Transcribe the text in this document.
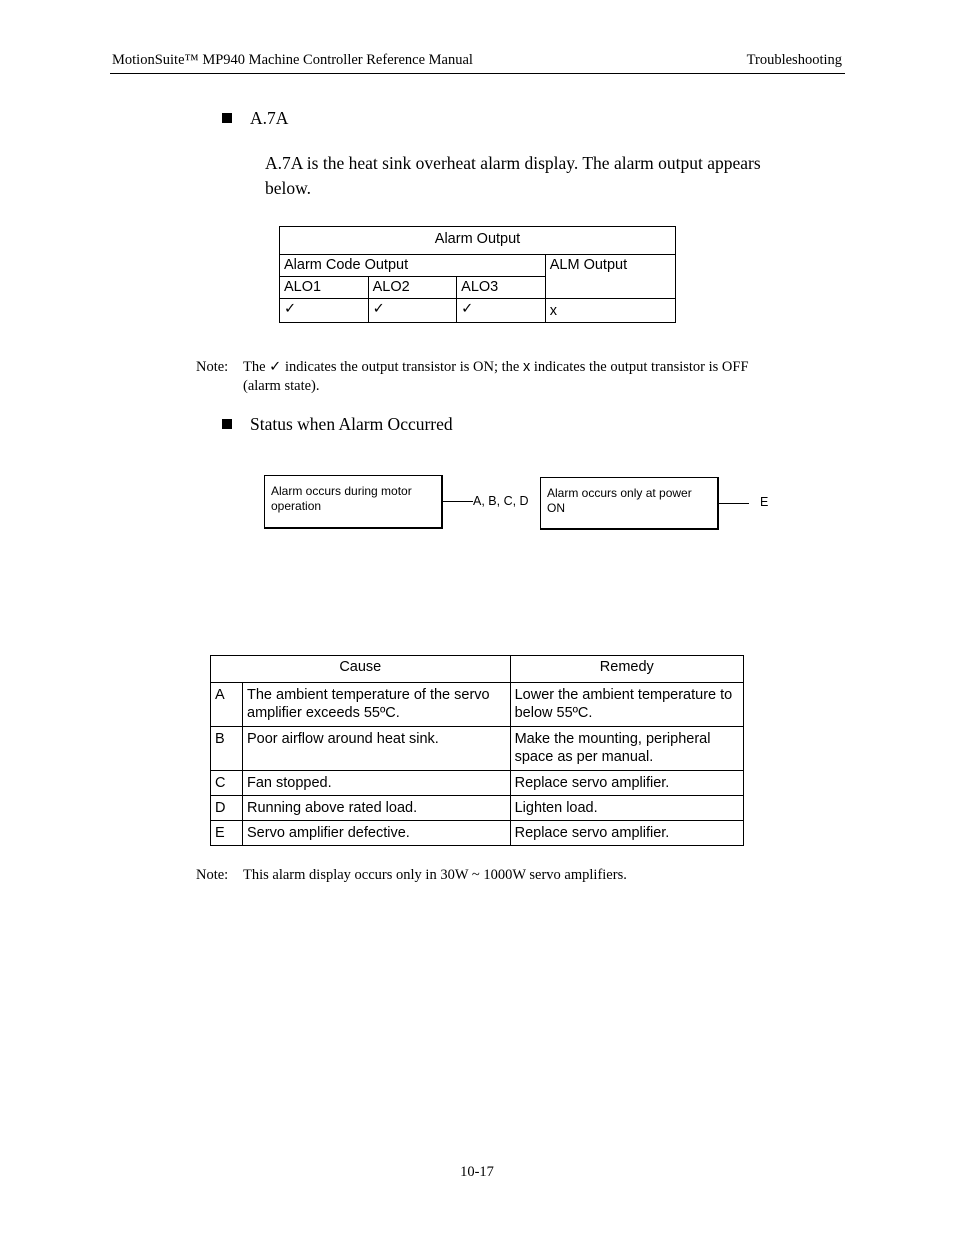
MotionSuite™ MP940 Machine Controller Reference Manual	Troubleshooting
A.7A
A.7A is the heat sink overheat alarm display. The alarm output appears below.
Alarm Output			
Alarm Code Output			ALM Output
ALO1	ALO2	ALO3	
✓	✓	✓	x
Note: The ✓ indicates the output transistor is ON; the x indicates the output transistor is OFF
(alarm state).
Status when Alarm Occurred
Alarm occurs during motor operation	A, B, C, D
Alarm occurs only at power ON	E
Cause		Remedy
A	The ambient temperature of the servo amplifier exceeds 55ºC.	Lower the ambient temperature to below 55ºC.
B	Poor airflow around heat sink.	Make the mounting, peripheral space as per manual.
C	Fan stopped.	Replace servo amplifier.
D	Running above rated load.	Lighten load.
E	Servo amplifier defective.	Replace servo amplifier.
Note: This alarm display occurs only in 30W ~ 1000W servo amplifiers.
10-17
